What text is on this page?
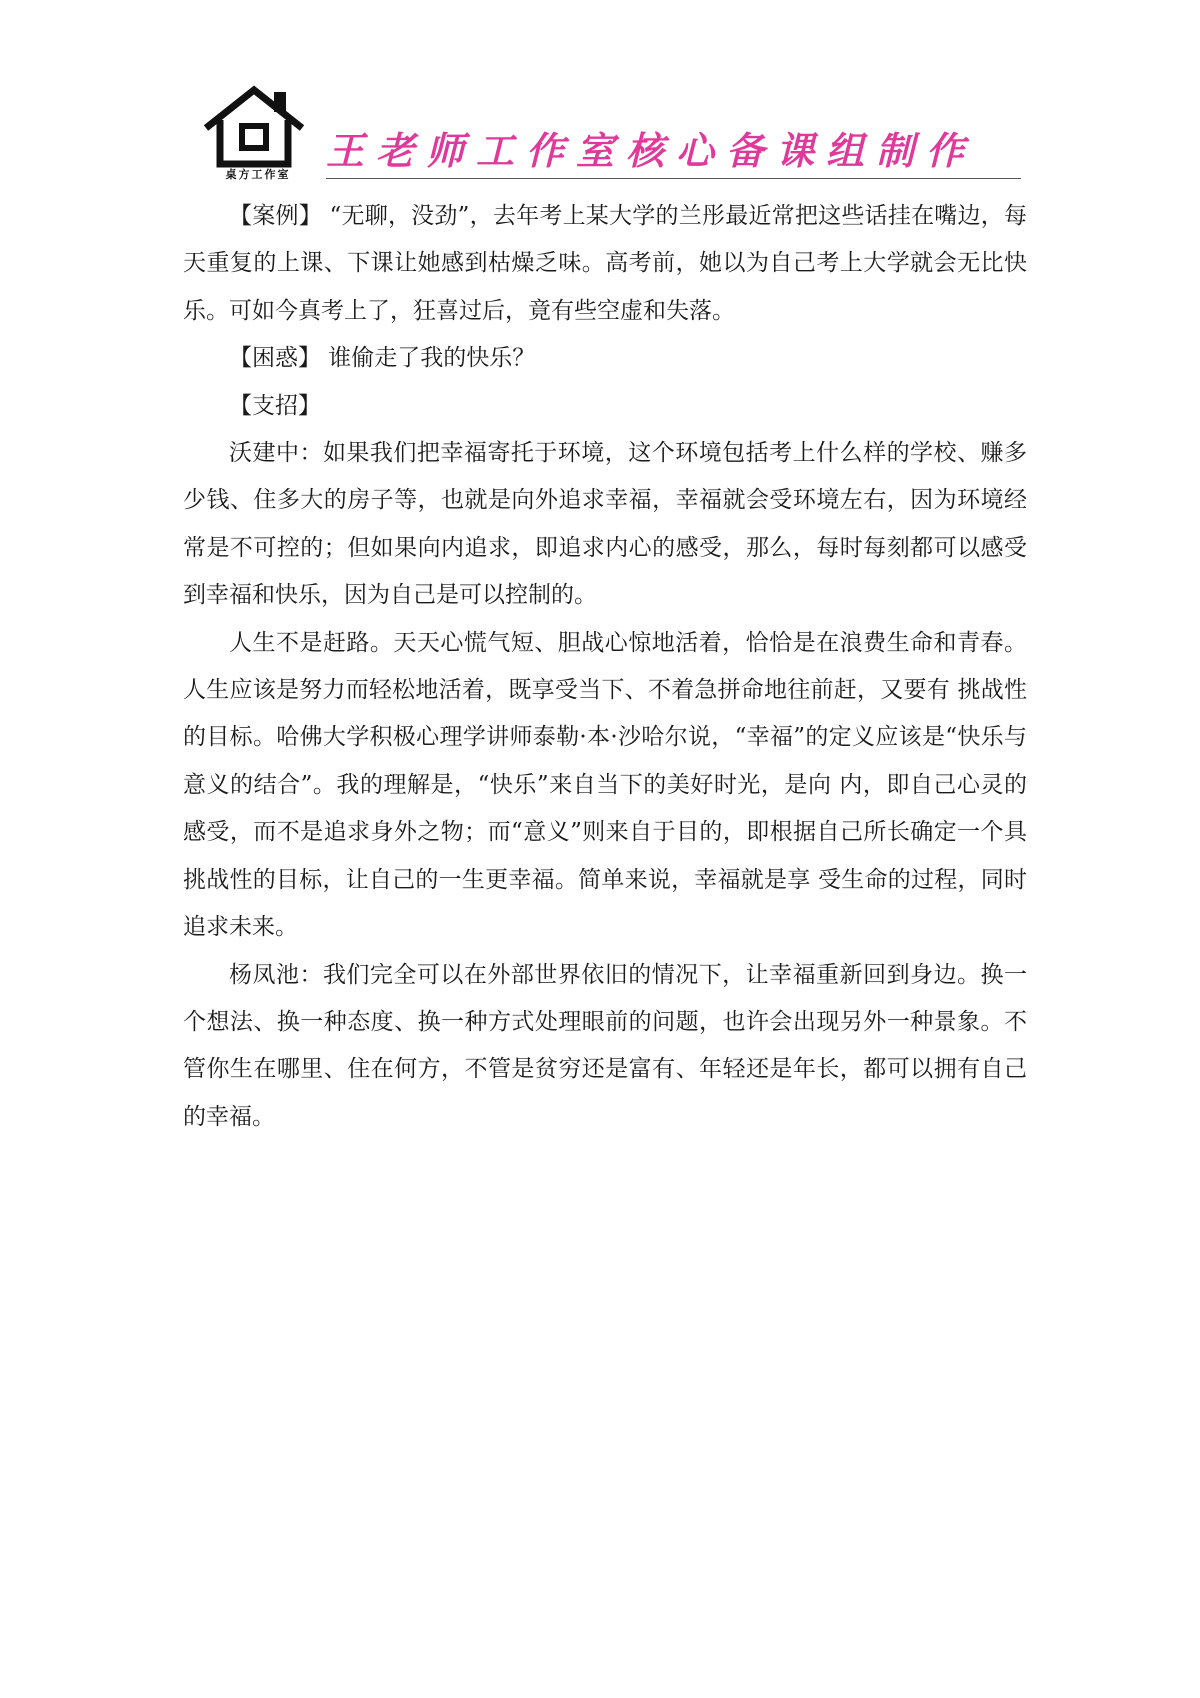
桌方工作室
王老师工作室核心备课组制作

【案例】 “无聊，没劲”，去年考上某大学的兰彤最近常把这些话挂在嘴边，每天重复的上课、下课让她感到枯燥乏味。高考前，她以为自己考上大学就会无比快乐。可如今真考上了，狂喜过后，竟有些空虚和失落。

【困惑】 谁偷走了我的快乐？

【支招】

沃建中：如果我们把幸福寄托于环境，这个环境包括考上什么样的学校、赚多少钱、住多大的房子等，也就是向外追求幸福，幸福就会受环境左右，因为环境经常是不可控的；但如果向内追求，即追求内心的感受，那么，每时每刻都可以感受到幸福和快乐，因为自己是可以控制的。

人生不是赶路。天天心慌气短、胆战心惊地活着，恰恰是在浪费生命和青春。人生应该是努力而轻松地活着，既享受当下、不着急拼命地往前赶，又要有 挑战性的目标。哈佛大学积极心理学讲师泰勒·本·沙哈尔说，“幸福”的定义应该是“快乐与意义的结合”。我的理解是，“快乐”来自当下的美好时光，是向 内，即自己心灵的感受，而不是追求身外之物；而“意义”则来自于目的，即根据自己所长确定一个具挑战性的目标，让自己的一生更幸福。简单来说，幸福就是享 受生命的过程，同时追求未来。

杨凤池：我们完全可以在外部世界依旧的情况下，让幸福重新回到身边。换一个想法、换一种态度、换一种方式处理眼前的问题，也许会出现另外一种景象。不管你生在哪里、住在何方，不管是贫穷还是富有、年轻还是年长，都可以拥有自己的幸福。
